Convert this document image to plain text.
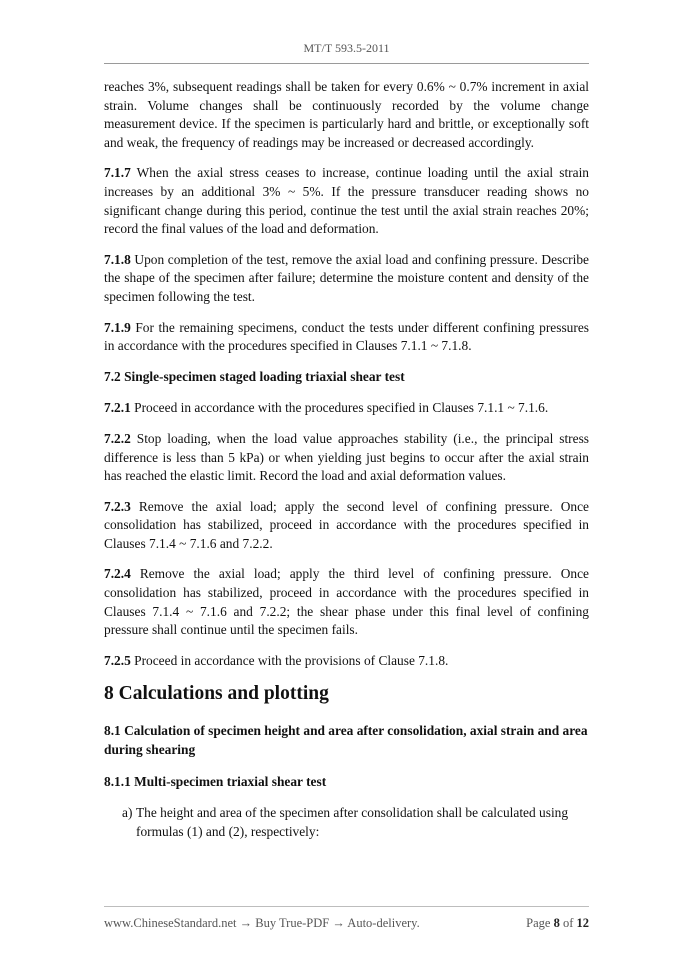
MT/T 593.5-2011

reaches 3%, subsequent readings shall be taken for every 0.6% ~ 0.7% increment in axial strain. Volume changes shall be continuously recorded by the volume change measurement device. If the specimen is particularly hard and brittle, or exceptionally soft and weak, the frequency of readings may be increased or decreased accordingly.

7.1.7 When the axial stress ceases to increase, continue loading until the axial strain increases by an additional 3% ~ 5%. If the pressure transducer reading shows no significant change during this period, continue the test until the axial strain reaches 20%; record the final values of the load and deformation.

7.1.8 Upon completion of the test, remove the axial load and confining pressure. Describe the shape of the specimen after failure; determine the moisture content and density of the specimen following the test.

7.1.9 For the remaining specimens, conduct the tests under different confining pressures in accordance with the procedures specified in Clauses 7.1.1 ~ 7.1.8.

7.2 Single-specimen staged loading triaxial shear test

7.2.1 Proceed in accordance with the procedures specified in Clauses 7.1.1 ~ 7.1.6.

7.2.2 Stop loading, when the load value approaches stability (i.e., the principal stress difference is less than 5 kPa) or when yielding just begins to occur after the axial strain has reached the elastic limit. Record the load and axial deformation values.

7.2.3 Remove the axial load; apply the second level of confining pressure. Once consolidation has stabilized, proceed in accordance with the procedures specified in Clauses 7.1.4 ~ 7.1.6 and 7.2.2.

7.2.4 Remove the axial load; apply the third level of confining pressure. Once consolidation has stabilized, proceed in accordance with the procedures specified in Clauses 7.1.4 ~ 7.1.6 and 7.2.2; the shear phase under this final level of confining pressure shall continue until the specimen fails.

7.2.5 Proceed in accordance with the provisions of Clause 7.1.8.

8 Calculations and plotting
8.1 Calculation of specimen height and area after consolidation, axial strain and area during shearing
8.1.1 Multi-specimen triaxial shear test
a) The height and area of the specimen after consolidation shall be calculated using formulas (1) and (2), respectively:
www.ChineseStandard.net → Buy True-PDF → Auto-delivery.	Page 8 of 12
